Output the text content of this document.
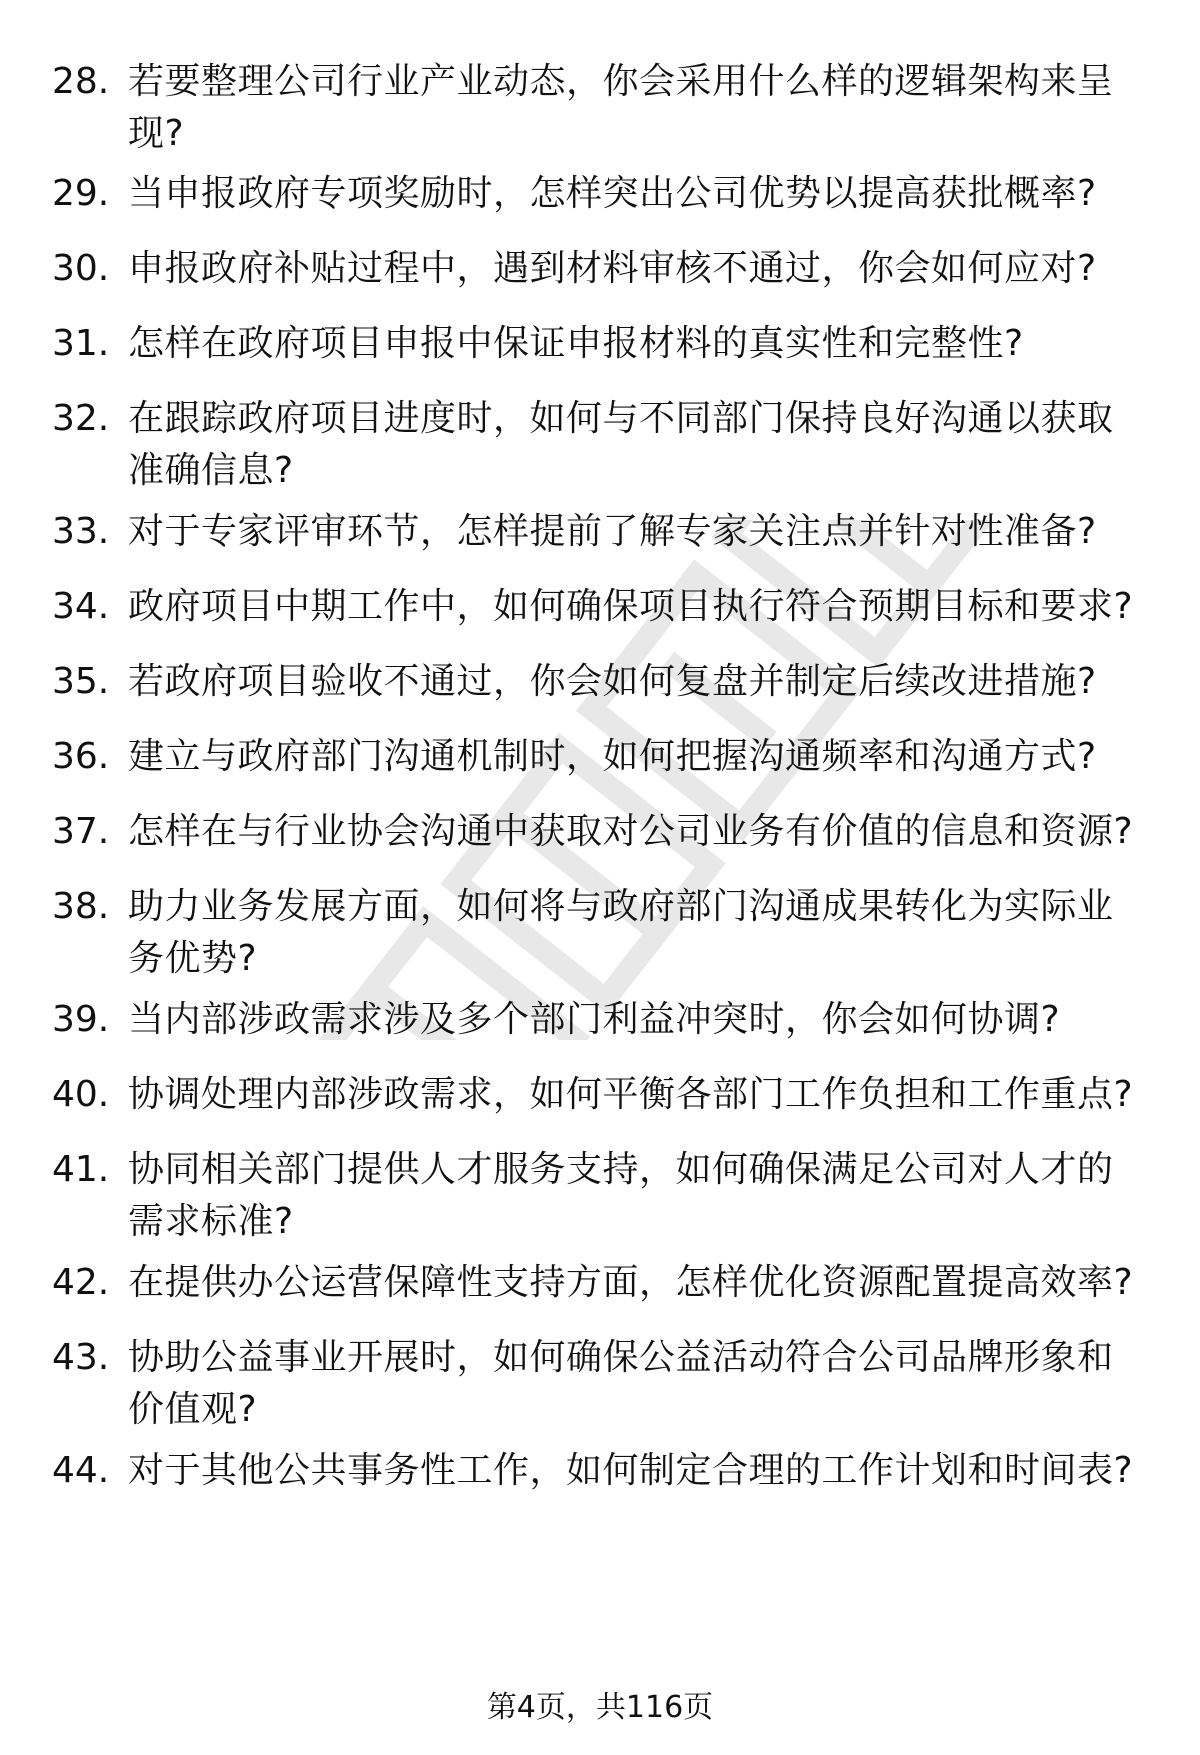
28. 若要整理公司行业产业动态，你会采用什么样的逻辑架构来呈现?
29. 当申报政府专项奖励时，怎样突出公司优势以提高获批概率?
30. 申报政府补贴过程中，遇到材料审核不通过，你会如何应对?
31. 怎样在政府项目申报中保证申报材料的真实性和完整性?
32. 在跟踪政府项目进度时，如何与不同部门保持良好沟通以获取准确信息?
33. 对于专家评审环节，怎样提前了解专家关注点并针对性准备?
34. 政府项目中期工作中，如何确保项目执行符合预期目标和要求?
35. 若政府项目验收不通过，你会如何复盘并制定后续改进措施?
36. 建立与政府部门沟通机制时，如何把握沟通频率和沟通方式?
37. 怎样在与行业协会沟通中获取对公司业务有价值的信息和资源?
38. 助力业务发展方面，如何将与政府部门沟通成果转化为实际业务优势?
39. 当内部涉政需求涉及多个部门利益冲突时，你会如何协调?
40. 协调处理内部涉政需求，如何平衡各部门工作负担和工作重点?
41. 协同相关部门提供人才服务支持，如何确保满足公司对人才的需求标准?
42. 在提供办公运营保障性支持方面，怎样优化资源配置提高效率?
43. 协助公益事业开展时，如何确保公益活动符合公司品牌形象和价值观?
44. 对于其他公共事务性工作，如何制定合理的工作计划和时间表?
第4页，共116页
